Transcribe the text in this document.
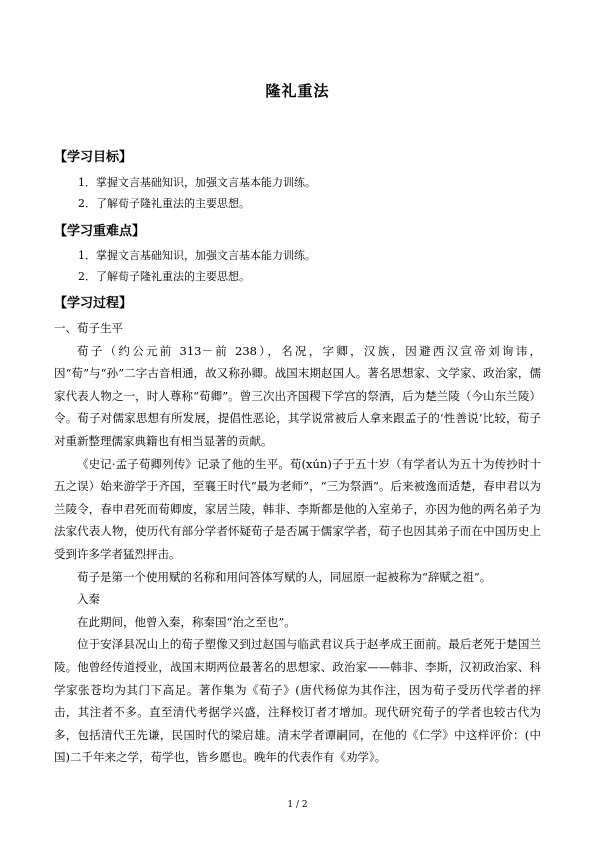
隆礼重法
【学习目标】
1．掌握文言基础知识，加强文言基本能力训练。
2．了解荀子隆礼重法的主要思想。
【学习重难点】
1．掌握文言基础知识，加强文言基本能力训练。
2．了解荀子隆礼重法的主要思想。
【学习过程】

一、荀子生平

荀子（约公元前 313－前 238），名况，字卿，汉族，因避西汉宣帝刘询讳，因“荀”与“孙”二字古音相通，故又称孙卿。战国末期赵国人。著名思想家、文学家、政治家，儒家代表人物之一，时人尊称“荀卿”。曾三次出齐国稷下学宫的祭酒，后为楚兰陵（今山东兰陵）令。荀子对儒家思想有所发展，提倡性恶论，其学说常被后人拿来跟孟子的‘性善说’比较，荀子对重新整理儒家典籍也有相当显著的贡献。

《史记·孟子荀卿列传》记录了他的生平。荀(xún)子于五十岁（有学者认为五十为传抄时十五之误）始来游学于齐国，至襄王时代“最为老师”，“三为祭酒”。后来被逸而适楚，春申君以为兰陵令，春申君死而荀卿废，家居兰陵，韩非、李斯都是他的入室弟子，亦因为他的两名弟子为法家代表人物，使历代有部分学者怀疑荀子是否属于儒家学者，荀子也因其弟子而在中国历史上受到许多学者猛烈抨击。

荀子是第一个使用赋的名称和用问答体写赋的人，同屈原一起被称为“辞赋之祖”。

入秦

在此期间，他曾入秦，称秦国“治之至也”。

位于安泽县况山上的荀子塑像又到过赵国与临武君议兵于赵孝成王面前。最后老死于楚国兰陵。他曾经传道授业，战国末期两位最著名的思想家、政治家——韩非、李斯，汉初政治家、科学家张苍均为其门下高足。著作集为《荀子》(唐代杨倞为其作注，因为荀子受历代学者的抨击，其注者不多。直至清代考据学兴盛，注释校订者才增加。现代研究荀子的学者也较古代为多，包括清代王先谦，民国时代的梁启雄。清末学者谭嗣同，在他的《仁学》中这样评价：(中国)二千年来之学，荀学也，皆乡愿也。晚年的代表作有《劝学》。

1 / 2
